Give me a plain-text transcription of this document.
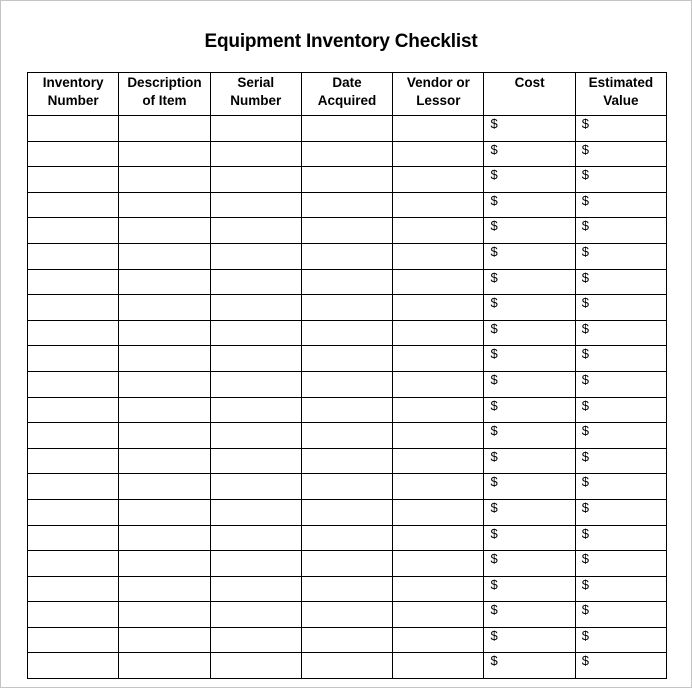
Equipment Inventory Checklist
Inventory Number	Description of Item	Serial Number	Date Acquired	Vendor or Lessor	Cost	Estimated Value
					$	$
					$	$
					$	$
					$	$
					$	$
					$	$
					$	$
					$	$
					$	$
					$	$
					$	$
					$	$
					$	$
					$	$
					$	$
					$	$
					$	$
					$	$
					$	$
					$	$
					$	$
					$	$
